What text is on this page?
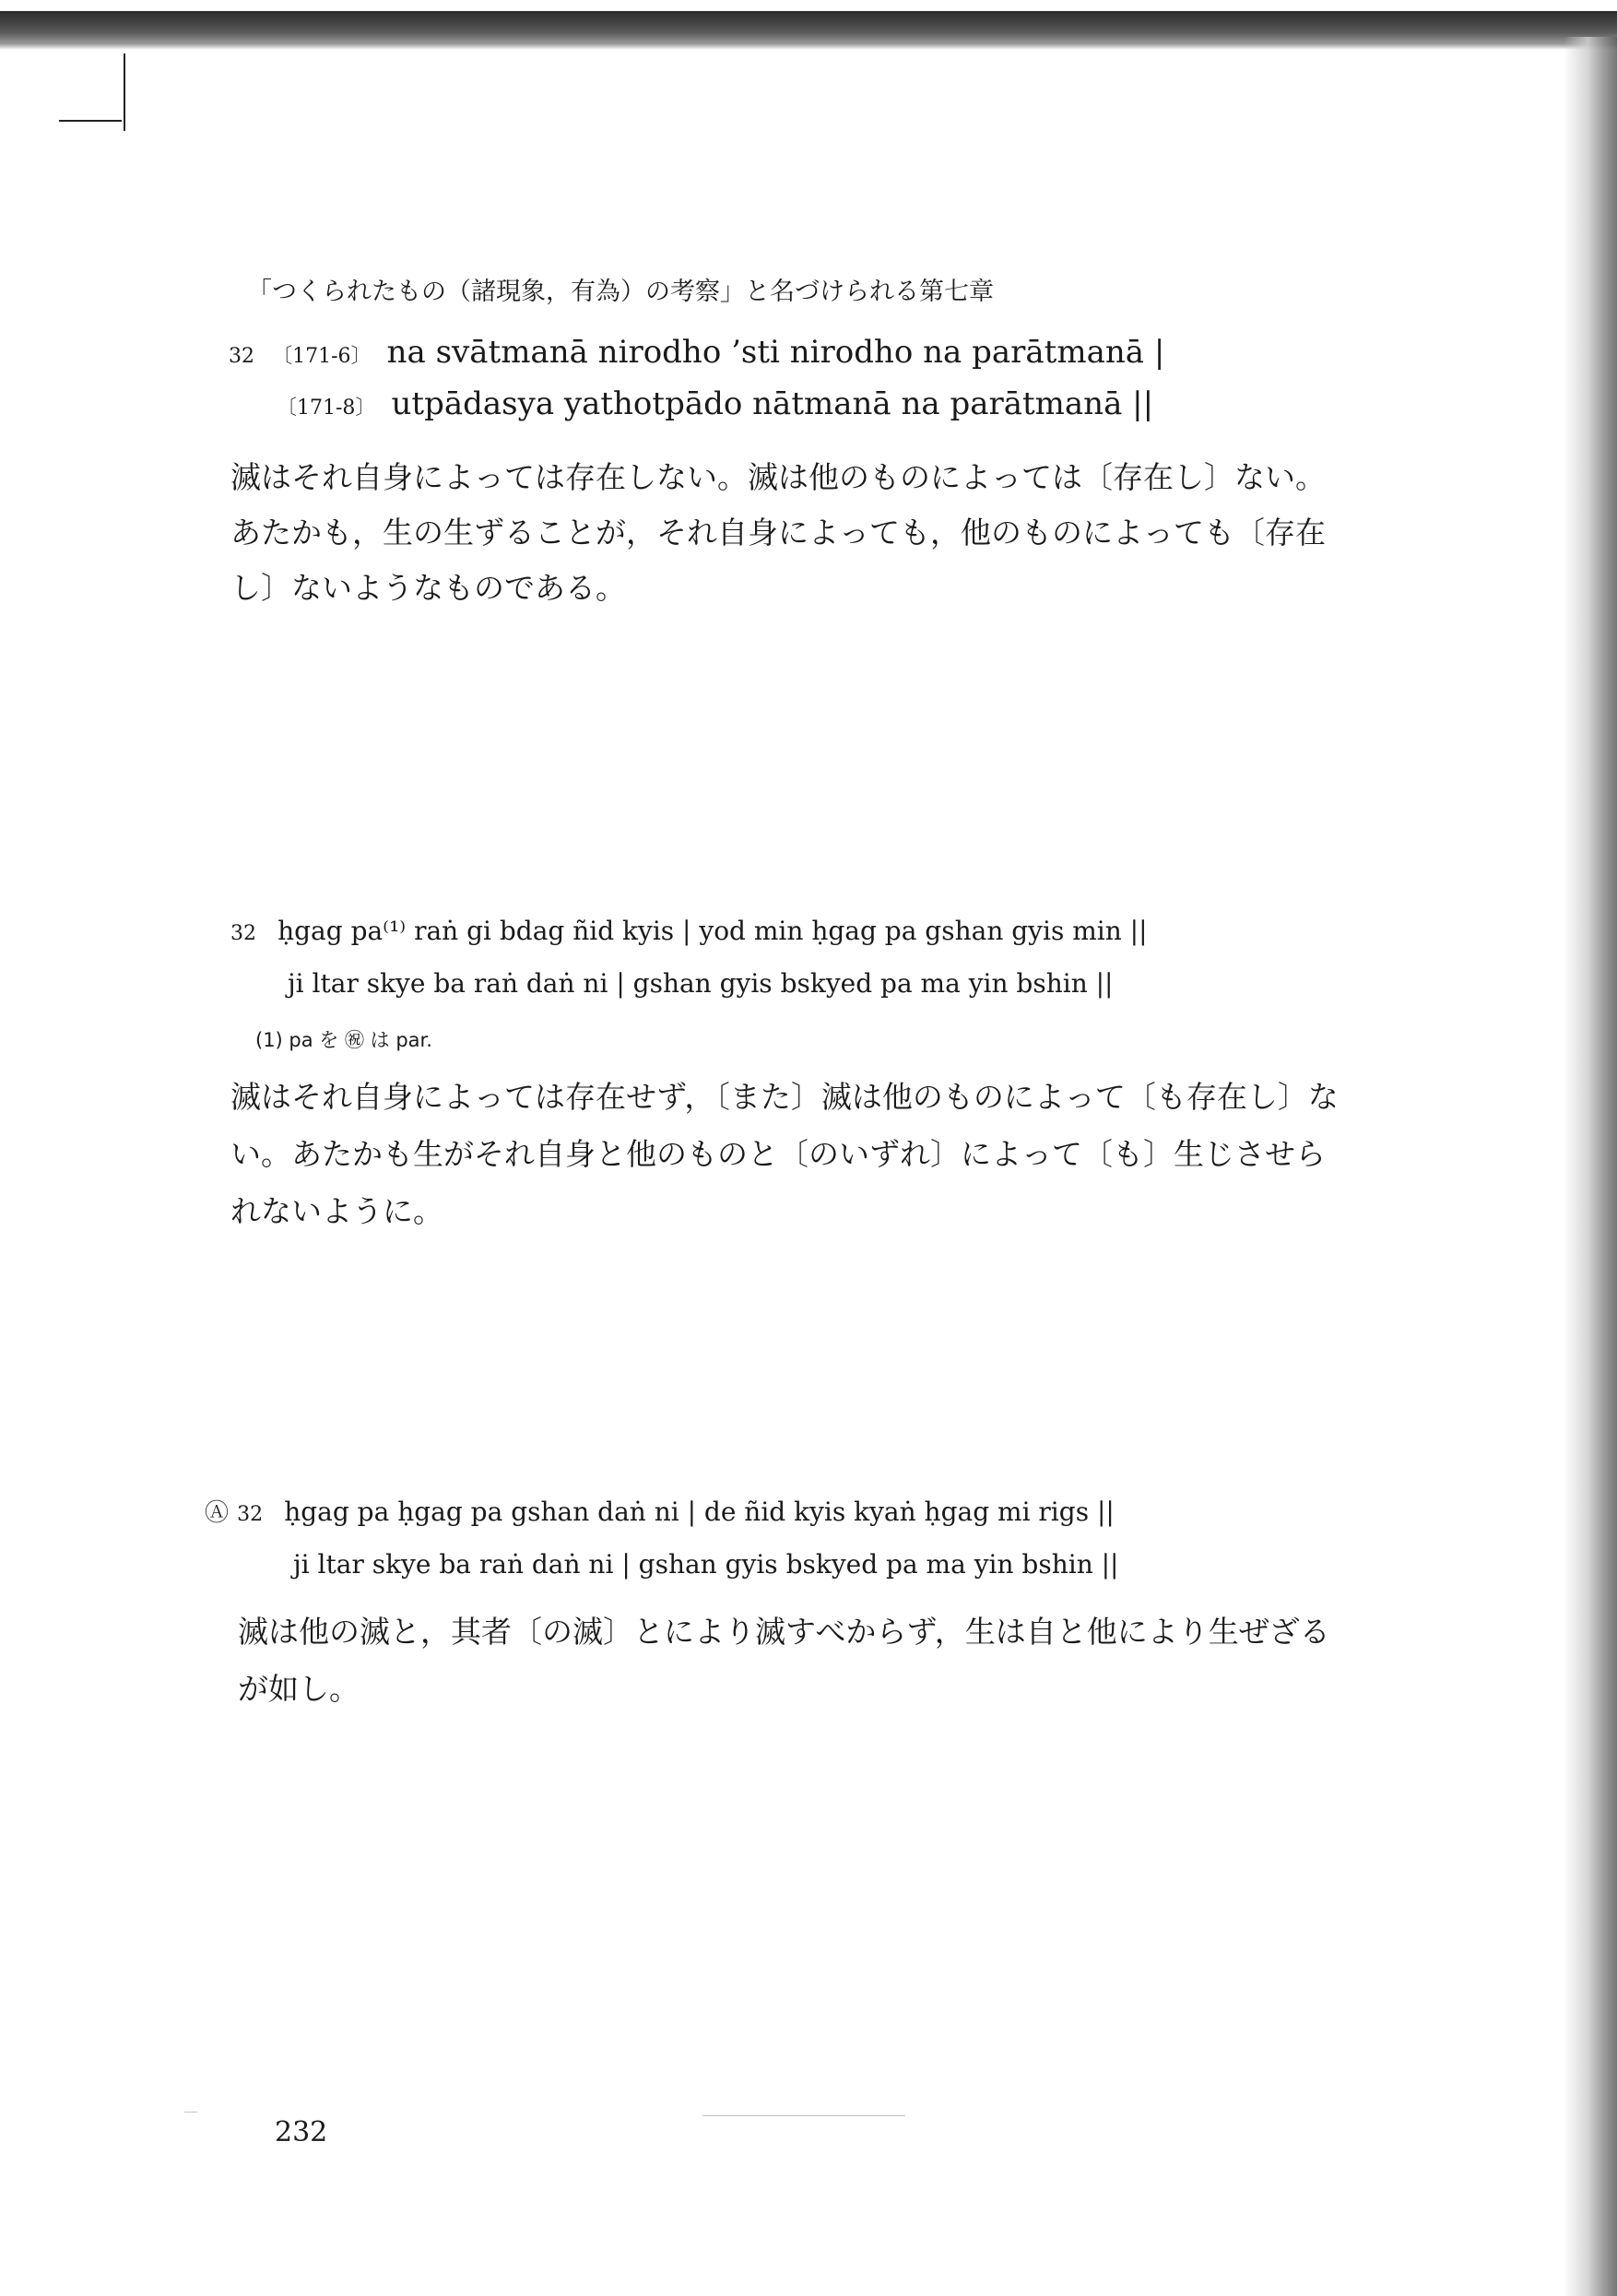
「つくられたもの（諸現象，有為）の考察」と名づけられる第七章
32 〔171-6〕 na svātmanā nirodho ’sti nirodho na parātmanā |
〔171-8〕 utpādasya yathotpādo nātmanā na parātmanā ||
滅はそれ自身によっては存在しない。滅は他のものによっては〔存在し〕ない。
あたかも，生の生ずることが，それ自身によっても，他のものによっても〔存在
し〕ないようなものである。
32 ḥgag pa⁽¹⁾ raṅ gi bdag ñid kyis | yod min ḥgag pa gshan gyis min ||
ji ltar skye ba raṅ daṅ ni | gshan gyis bskyed pa ma yin bshin ||
(1) pa を ㊗ は par.
滅はそれ自身によっては存在せず，〔また〕滅は他のものによって〔も存在し〕な
い。あたかも生がそれ自身と他のものと〔のいずれ〕によって〔も〕生じさせら
れないように。
Ⓐ 32 ḥgag pa ḥgag pa gshan daṅ ni | de ñid kyis kyaṅ ḥgag mi rigs ||
ji ltar skye ba raṅ daṅ ni | gshan gyis bskyed pa ma yin bshin ||
滅は他の滅と，其者〔の滅〕とにより滅すべからず，生は自と他により生ぜざる
が如し。
232
